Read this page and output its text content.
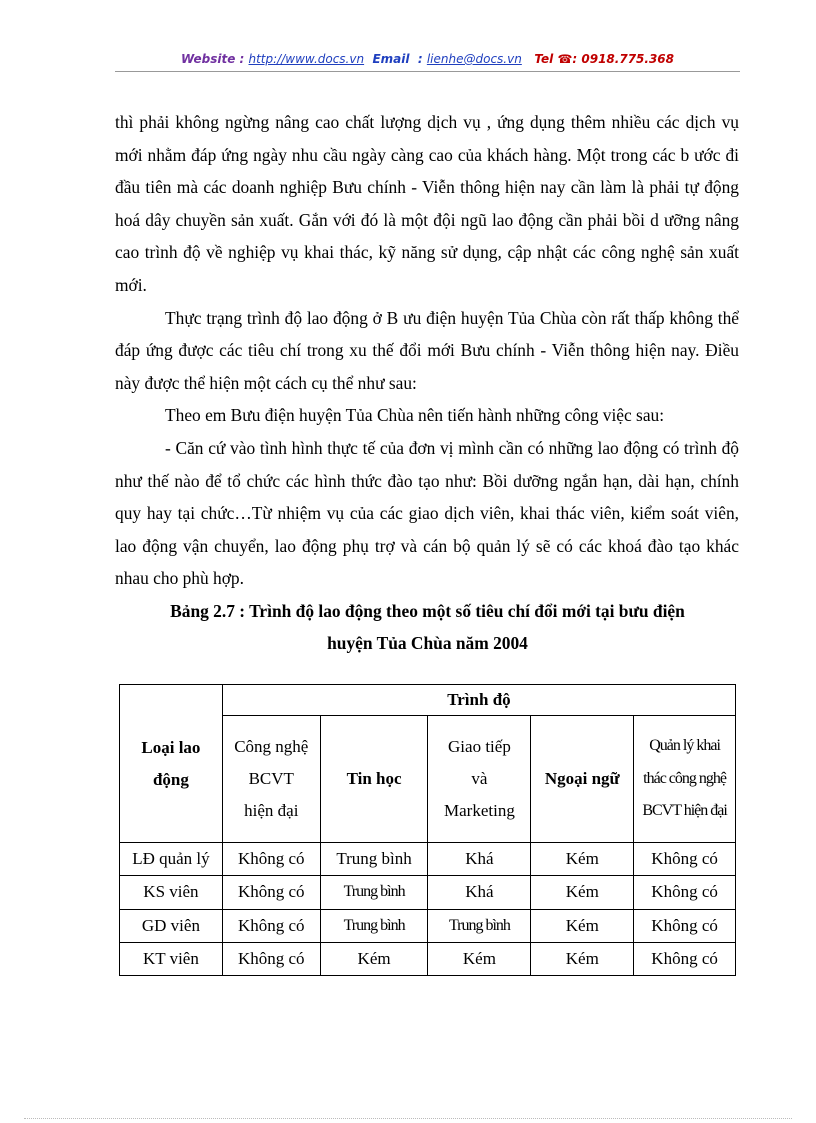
Website : http://www.docs.vn Email : lienhe@docs.vn Tel ☎: 0918.775.368

thì phải không ngừng nâng cao chất lượng dịch vụ , ứng dụng thêm nhiều các dịch vụ mới nhằm đáp ứng ngày nhu cầu ngày càng cao của khách hàng. Một trong các b ước đi đầu tiên mà các doanh nghiệp Bưu chính - Viễn thông hiện nay cần làm là phải tự động hoá dây chuyền sản xuất. Gắn với đó là một đội ngũ lao động cần phải bồi d ưỡng nâng cao trình độ về nghiệp vụ khai thác, kỹ năng sử dụng, cập nhật các công nghệ sản xuất mới.

Thực trạng trình độ lao động ở B ưu điện huyện Tủa Chùa còn rất thấp không thể đáp ứng được các tiêu chí trong xu thế đổi mới Bưu chính - Viễn thông hiện nay. Điều này được thể hiện một cách cụ thể như sau:

Theo em Bưu điện huyện Tủa Chùa nên tiến hành những công việc sau:

- Căn cứ vào tình hình thực tế của đơn vị mình cần có những lao động có trình độ như thế nào để tổ chức các hình thức đào tạo như: Bồi dưỡng ngắn hạn, dài hạn, chính quy hay tại chức…Từ nhiệm vụ của các giao dịch viên, khai thác viên, kiểm soát viên, lao động vận chuyển, lao động phụ trợ và cán bộ quản lý sẽ có các khoá đào tạo khác nhau cho phù hợp.

Bảng 2.7 : Trình độ lao động theo một số tiêu chí đổi mới tại bưu điện
huyện Tủa Chùa năm 2004
Loại lao động	Trình độ				
	Công nghệ BCVT hiện đại	Tin học	Giao tiếp và Marketing	Ngoại ngữ	Quản lý khai thác công nghệ BCVT hiện đại
LĐ quản lý	Không có	Trung bình	Khá	Kém	Không có
KS viên	Không có	Trung bình	Khá	Kém	Không có
GD viên	Không có	Trung bình	Trung bình	Kém	Không có
KT viên	Không có	Kém	Kém	Kém	Không có
